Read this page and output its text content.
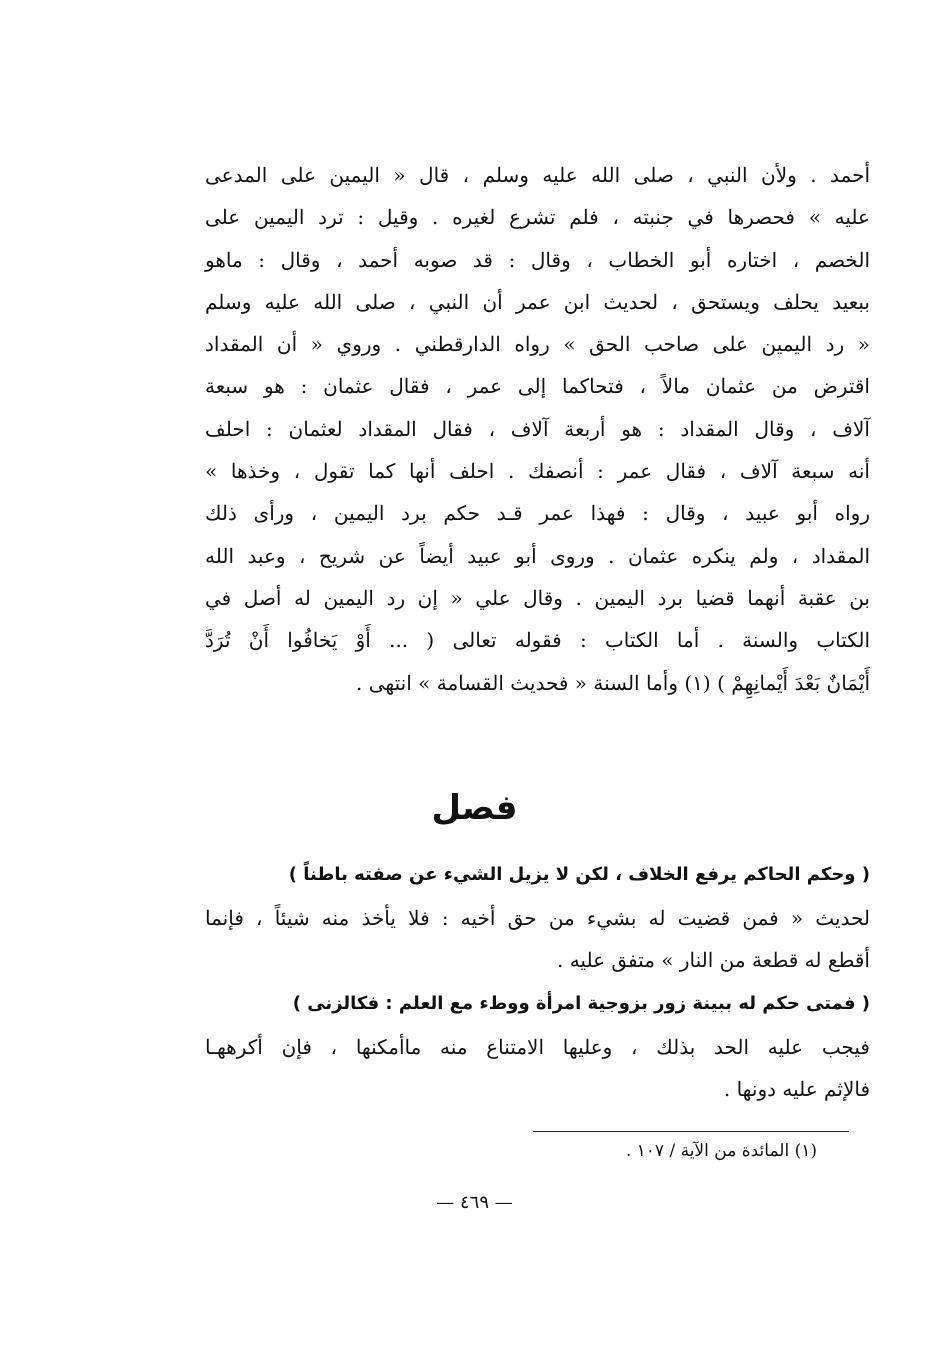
أحمد . ولأن النبي ، صلى الله عليه وسلم ، قال « اليمين على المدعى
عليه » فحصرها في جنبته ، فلم تشرع لغيره . وقيل : ترد اليمين على
الخصم ، اختاره أبو الخطاب ، وقال : قد صوبه أحمد ، وقال : ماهو
ببعيد يحلف ويستحق ، لحديث ابن عمر أن النبي ، صلى الله عليه وسلم
« رد اليمين على صاحب الحق » رواه الدارقطني . وروي « أن المقداد
اقترض من عثمان مالاً ، فتحاكما إلى عمر ، فقال عثمان : هو سبعة
آلاف ، وقال المقداد : هو أربعة آلاف ، فقال المقداد لعثمان : احلف
أنه سبعة آلاف ، فقال عمر : أنصفك . احلف أنها كما تقول ، وخذها »
رواه أبو عبيد ، وقال : فهذا عمر قـد حكم برد اليمين ، ورأى ذلك
المقداد ، ولم ينكره عثمان . وروى أبو عبيد أيضاً عن شريح ، وعبد الله
بن عقبة أنهما قضيا برد اليمين . وقال علي « إن رد اليمين له أصل في
الكتاب والسنة . أما الكتاب : فقوله تعالى ( ... أَوْ يَخافُوا أَنْ تُرَدَّ
أَيْمَانٌ بَعْدَ أَيْمانِهِمْ ) (١) وأما السنة « فحديث القسامة » انتهى .
فصل
( وحكم الحاكم يرفع الخلاف ، لكن لا يزيل الشيء عن صفته باطناً )
لحديث « فمن قضيت له بشيء من حق أخيه : فلا يأخذ منه شيئاً ، فإنما
أقطع له قطعة من النار » متفق عليه .
( فمتى حكم له ببينة زور بزوجية امرأة ووطء مع العلم : فكالزنى )
فيجب عليه الحد بذلك ، وعليها الامتناع منه ماأمكنها ، فإن أكرههـا
فالإثم عليه دونها .
(١) المائدة من الآية / ١٠٧ .
— ٤٦٩ —
